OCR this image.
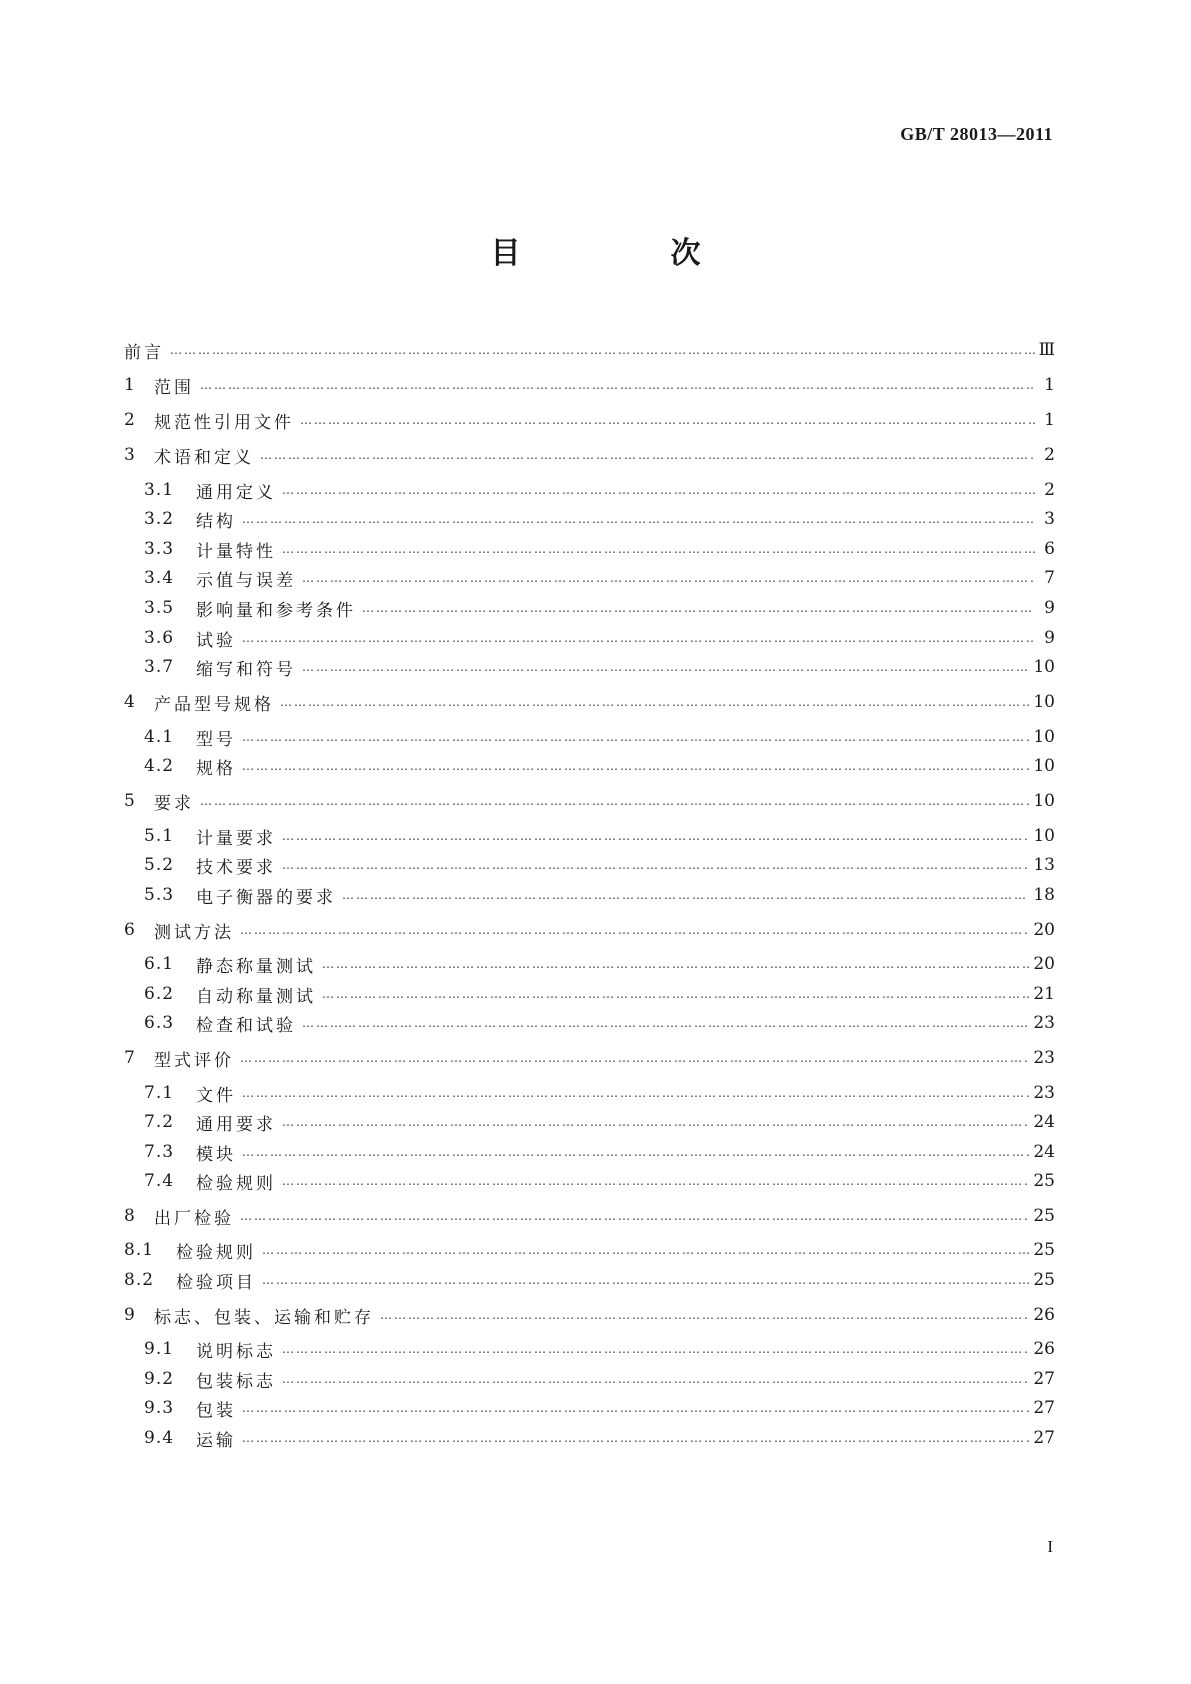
GB/T 28013—2011
目　次
前言 …………………………………………………………………………………………………………………………………………………………………………………………………………………………	Ⅲ
1	范围 …………………………………………………………………………………………………………………………………………………………………………………………………………………………	1
2	规范性引用文件 …………………………………………………………………………………………………………………………………………………………………………………………………………………………	1
3	术语和定义 …………………………………………………………………………………………………………………………………………………………………………………………………………………………	2
3.1	通用定义 …………………………………………………………………………………………………………………………………………………………………………………………………………………………	2
3.2	结构 …………………………………………………………………………………………………………………………………………………………………………………………………………………………	3
3.3	计量特性 …………………………………………………………………………………………………………………………………………………………………………………………………………………………	6
3.4	示值与误差 …………………………………………………………………………………………………………………………………………………………………………………………………………………………	7
3.5	影响量和参考条件 …………………………………………………………………………………………………………………………………………………………………………………………………………………………	9
3.6	试验 …………………………………………………………………………………………………………………………………………………………………………………………………………………………	9
3.7	缩写和符号 …………………………………………………………………………………………………………………………………………………………………………………………………………………………	10
4	产品型号规格 …………………………………………………………………………………………………………………………………………………………………………………………………………………………	10
4.1	型号 …………………………………………………………………………………………………………………………………………………………………………………………………………………………	10
4.2	规格 …………………………………………………………………………………………………………………………………………………………………………………………………………………………	10
5	要求 …………………………………………………………………………………………………………………………………………………………………………………………………………………………	10
5.1	计量要求 …………………………………………………………………………………………………………………………………………………………………………………………………………………………	10
5.2	技术要求 …………………………………………………………………………………………………………………………………………………………………………………………………………………………	13
5.3	电子衡器的要求 …………………………………………………………………………………………………………………………………………………………………………………………………………………………	18
6	测试方法 …………………………………………………………………………………………………………………………………………………………………………………………………………………………	20
6.1	静态称量测试 …………………………………………………………………………………………………………………………………………………………………………………………………………………………	20
6.2	自动称量测试 …………………………………………………………………………………………………………………………………………………………………………………………………………………………	21
6.3	检查和试验 …………………………………………………………………………………………………………………………………………………………………………………………………………………………	23
7	型式评价 …………………………………………………………………………………………………………………………………………………………………………………………………………………………	23
7.1	文件 …………………………………………………………………………………………………………………………………………………………………………………………………………………………	23
7.2	通用要求 …………………………………………………………………………………………………………………………………………………………………………………………………………………………	24
7.3	模块 …………………………………………………………………………………………………………………………………………………………………………………………………………………………	24
7.4	检验规则 …………………………………………………………………………………………………………………………………………………………………………………………………………………………	25
8	出厂检验 …………………………………………………………………………………………………………………………………………………………………………………………………………………………	25
8.1	检验规则 …………………………………………………………………………………………………………………………………………………………………………………………………………………………	25
8.2	检验项目 …………………………………………………………………………………………………………………………………………………………………………………………………………………………	25
9	标志、包装、运输和贮存 …………………………………………………………………………………………………………………………………………………………………………………………………………………………	26
9.1	说明标志 …………………………………………………………………………………………………………………………………………………………………………………………………………………………	26
9.2	包装标志 …………………………………………………………………………………………………………………………………………………………………………………………………………………………	27
9.3	包装 …………………………………………………………………………………………………………………………………………………………………………………………………………………………	27
9.4	运输 …………………………………………………………………………………………………………………………………………………………………………………………………………………………	27
I
